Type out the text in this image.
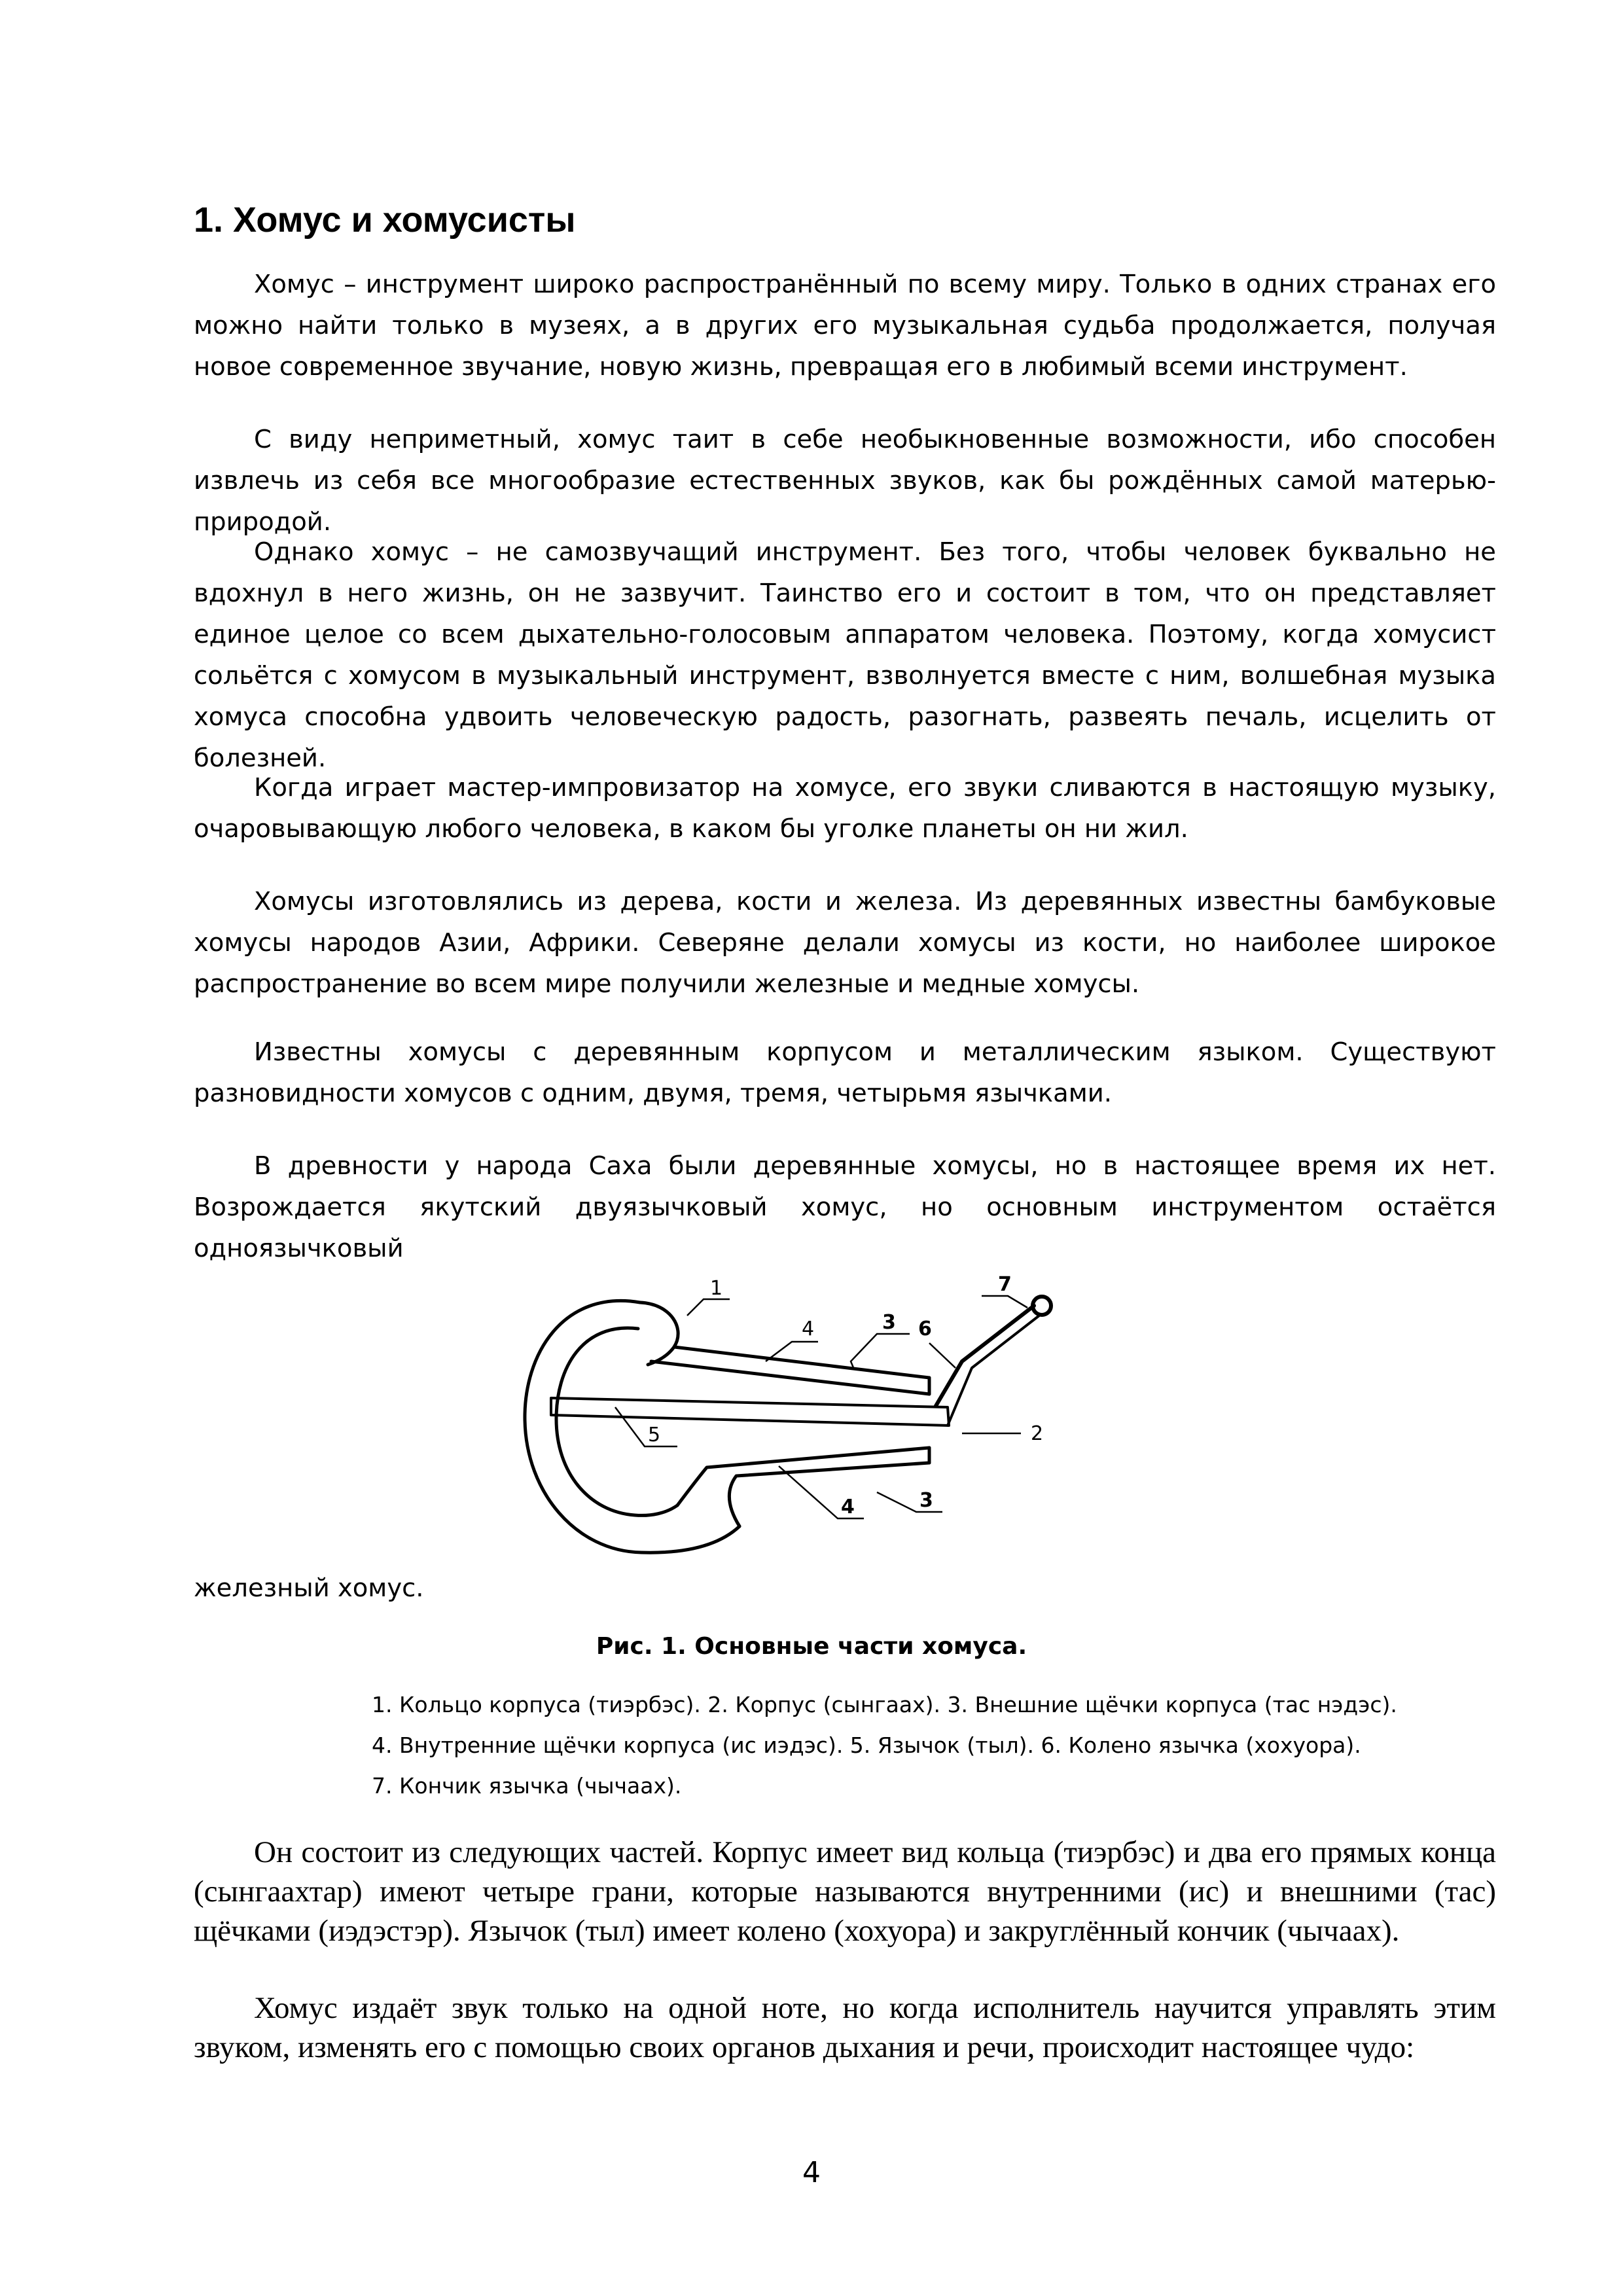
1. Хомус и хомусисты

Хомус – инструмент широко распространённый по всему миру. Только в одних странах его можно найти только в музеях, а в других его музыкальная судьба продолжается, получая новое современное звучание, новую жизнь, превращая его в любимый всеми инструмент.

С виду неприметный, хомус таит в себе необыкновенные возможности, ибо способен извлечь из себя все многообразие естественных звуков, как бы рождённых самой матерью-природой.

Однако хомус – не самозвучащий инструмент. Без того, чтобы человек буквально не вдохнул в него жизнь, он не зазвучит. Таинство его и состоит в том, что он представляет единое целое со всем дыхательно-голосовым аппаратом человека. Поэтому, когда хомусист сольётся с хомусом в музыкальный инструмент, взволнуется вместе с ним, волшебная музыка хомуса способна удвоить человеческую радость, разогнать, развеять печаль, исцелить от болезней.

Когда играет мастер-импровизатор на хомусе, его звуки сливаются в настоящую музыку, очаровывающую любого человека, в каком бы уголке планеты он ни жил.

Хомусы изготовлялись из дерева, кости и железа. Из деревянных известны бамбуковые хомусы народов Азии, Африки. Северяне делали хомусы из кости, но наиболее широкое распространение во всем мире получили железные и медные хомусы.

Известны хомусы с деревянным корпусом и металлическим языком. Существуют разновидности хомусов с одним, двумя, тремя, четырьмя язычками.

В древности у народа Саха были деревянные хомусы, но в настоящее время их нет. Возрождается якутский двуязычковый хомус, но основным инструментом остаётся одноязычковый

1
2
3
3
4
4
5
6
7

железный хомус.

Рис. 1. Основные части хомуса.

1. Кольцо корпуса (тиэрбэс). 2. Корпус (сынгаах). 3. Внешние щёчки корпуса (тас нэдэс).
4. Внутренние щёчки корпуса (ис иэдэс). 5. Язычок (тыл). 6. Колено язычка (хохуора).
7. Кончик язычка (чычаах).

Он состоит из следующих частей. Корпус имеет вид кольца (тиэрбэс) и два его прямых конца (сынгаахтар) имеют четыре грани, которые называются внутренними (ис) и внешними (тас) щёчками (иэдэстэр). Язычок (тыл) имеет колено (хохуора) и закруглённый кончик (чычаах).

Хомус издаёт звук только на одной ноте, но когда исполнитель научится управлять этим звуком, изменять его с помощью своих органов дыхания и речи, происходит настоящее чудо:

4
